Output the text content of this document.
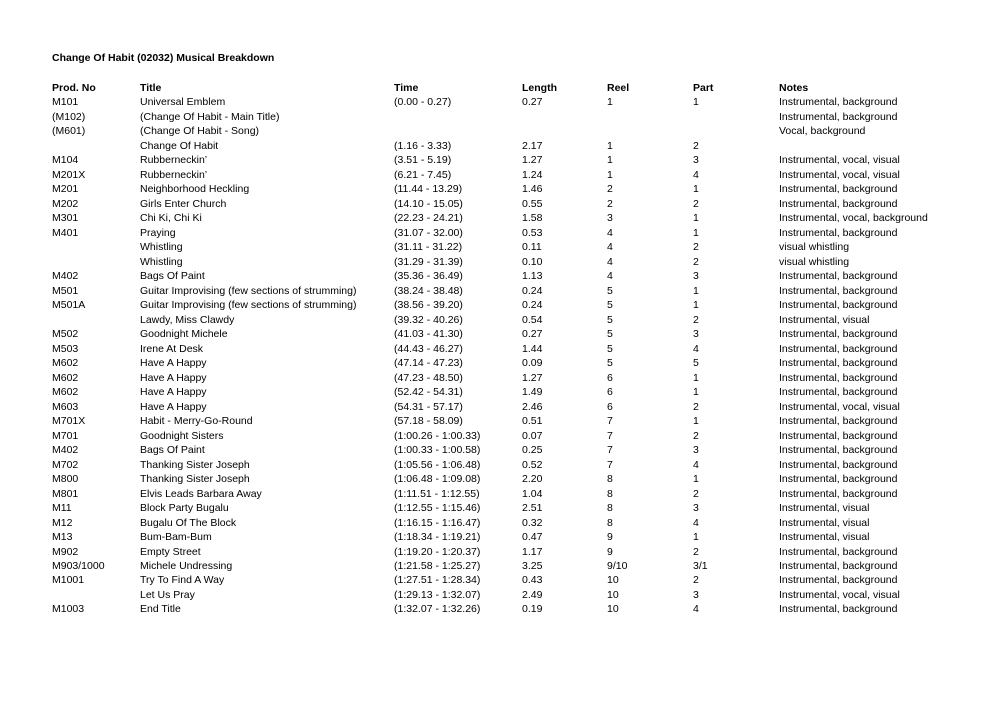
Change Of Habit (02032) Musical Breakdown
Prod. No	Title	Time	Length	Reel	Part	Notes
M101	Universal Emblem	(0.00 - 0.27)	0.27	1	1	Instrumental, background
(M102)	(Change Of Habit - Main Title)					Instrumental, background
(M601)	(Change Of Habit - Song)					Vocal, background
	Change Of Habit	(1.16 - 3.33)	2.17	1	2	
M104	Rubberneckin’	(3.51 - 5.19)	1.27	1	3	Instrumental, vocal, visual
M201X	Rubberneckin’	(6.21 - 7.45)	1.24	1	4	Instrumental, vocal, visual
M201	Neighborhood Heckling	(11.44 - 13.29)	1.46	2	1	Instrumental, background
M202	Girls Enter Church	(14.10 - 15.05)	0.55	2	2	Instrumental, background
M301	Chi Ki, Chi Ki	(22.23 - 24.21)	1.58	3	1	Instrumental, vocal, background
M401	Praying	(31.07 - 32.00)	0.53	4	1	Instrumental, background
	Whistling	(31.11 - 31.22)	0.11	4	2	visual whistling
	Whistling	(31.29 - 31.39)	0.10	4	2	visual whistling
M402	Bags Of Paint	(35.36 - 36.49)	1.13	4	3	Instrumental, background
M501	Guitar Improvising (few sections of strumming)	(38.24 - 38.48)	0.24	5	1	Instrumental, background
M501A	Guitar Improvising (few sections of strumming)	(38.56 - 39.20)	0.24	5	1	Instrumental, background
	Lawdy, Miss Clawdy	(39.32 - 40.26)	0.54	5	2	Instrumental, visual
M502	Goodnight Michele	(41.03 - 41.30)	0.27	5	3	Instrumental, background
M503	Irene At Desk	(44.43 - 46.27)	1.44	5	4	Instrumental, background
M602	Have A Happy	(47.14 - 47.23)	0.09	5	5	Instrumental, background
M602	Have A Happy	(47.23 - 48.50)	1.27	6	1	Instrumental, background
M602	Have A Happy	(52.42 - 54.31)	1.49	6	1	Instrumental, background
M603	Have A Happy	(54.31 - 57.17)	2.46	6	2	Instrumental, vocal, visual
M701X	Habit - Merry-Go-Round	(57.18 - 58.09)	0.51	7	1	Instrumental, background
M701	Goodnight Sisters	(1:00.26 - 1:00.33)	0.07	7	2	Instrumental, background
M402	Bags Of Paint	(1:00.33 - 1:00.58)	0.25	7	3	Instrumental, background
M702	Thanking Sister Joseph	(1:05.56 - 1:06.48)	0.52	7	4	Instrumental, background
M800	Thanking Sister Joseph	(1:06.48 - 1:09.08)	2.20	8	1	Instrumental, background
M801	Elvis Leads Barbara Away	(1:11.51 - 1:12.55)	1.04	8	2	Instrumental, background
M11	Block Party Bugalu	(1:12.55 - 1:15.46)	2.51	8	3	Instrumental, visual
M12	Bugalu Of The Block	(1:16.15 - 1:16.47)	0.32	8	4	Instrumental, visual
M13	Bum-Bam-Bum	(1:18.34 - 1:19.21)	0.47	9	1	Instrumental, visual
M902	Empty Street	(1:19.20 - 1:20.37)	1.17	9	2	Instrumental, background
M903/1000	Michele Undressing	(1:21.58 - 1:25.27)	3.25	9/10	3/1	Instrumental, background
M1001	Try To Find A Way	(1:27.51 - 1:28.34)	0.43	10	2	Instrumental, background
	Let Us Pray	(1:29.13 - 1:32.07)	2.49	10	3	Instrumental, vocal, visual
M1003	End Title	(1:32.07 - 1:32.26)	0.19	10	4	Instrumental, background
